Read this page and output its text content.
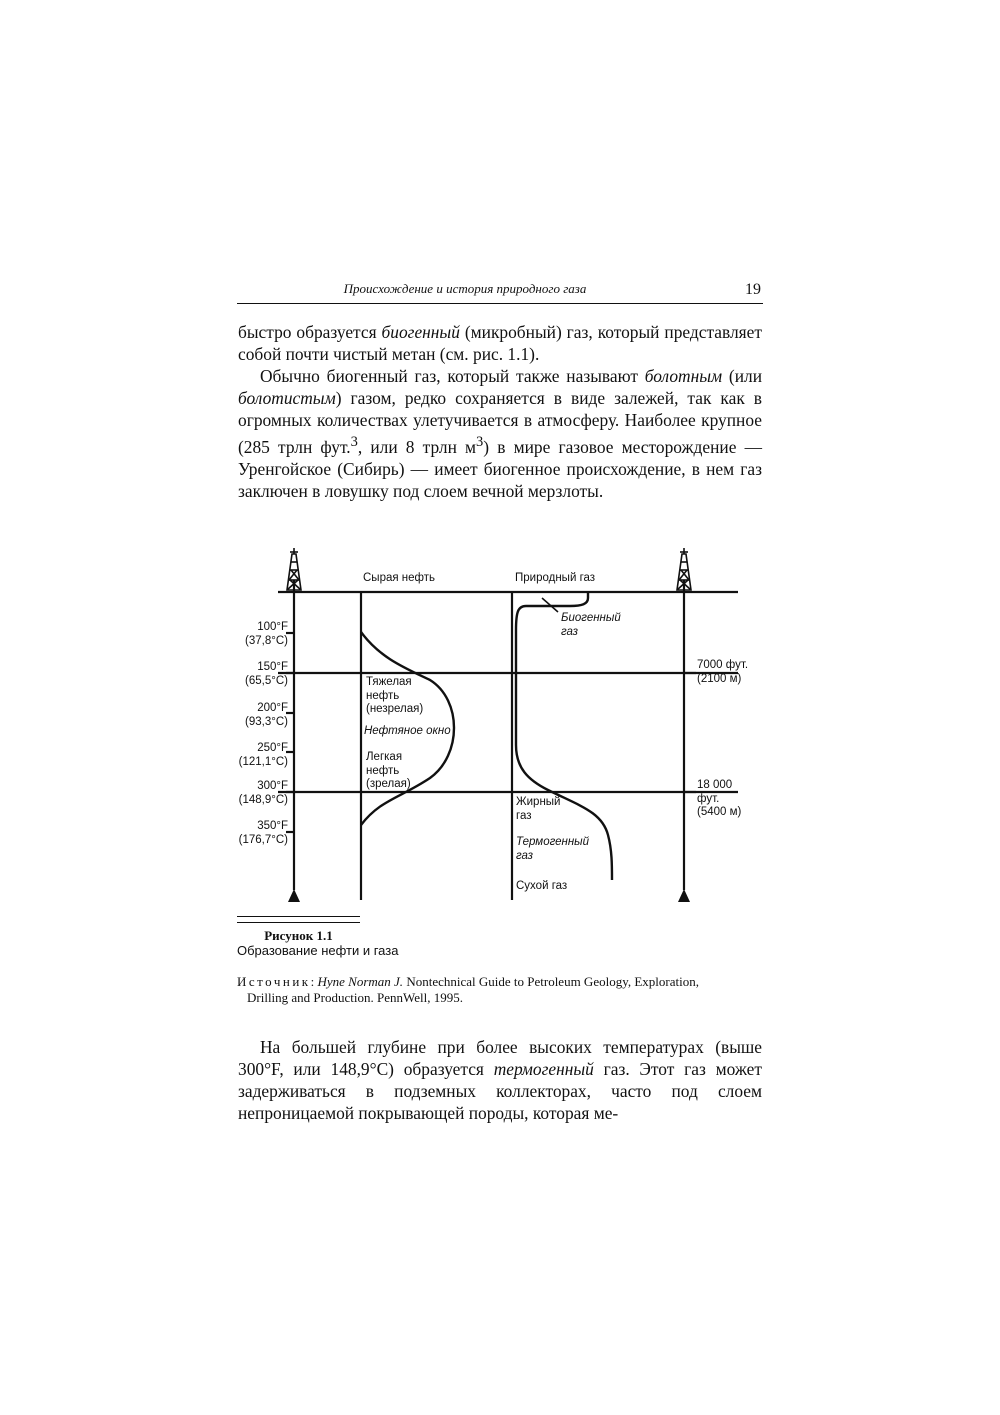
Происхождение и история природного газа	19

быстро образуется биогенный (микробный) газ, который представляет собой почти чистый метан (см. рис. 1.1).

Обычно биогенный газ, который также называют болотным (или болотистым) газом, редко сохраняется в виде залежей, так как в огромных количествах улетучивается в атмосферу. Наиболее крупное (285 трлн фут.$^3$, или 8 трлн $м^3$) в мире газовое месторождение — Уренгойское (Сибирь) — имеет биогенное происхождение, в нем газ заключен в ловушку под слоем вечной мерзлоты.

Сырая нефть	Природный газ
100°F
(37,8°C)
150°F
(65,5°C)
200°F
(93,3°C)
250°F
(121,1°C)
300°F
(148,9°C)
350°F
(176,7°C)
7000 фут.
(2100 м)
18 000 фут.
(5400 м)
Тяжелая
нефть
(незрелая)
Нефтяное окно
Легкая
нефть
(зрелая)
Биогенный
газ
Жирный
газ
Термогенный
газ
Сухой газ
Рисунок 1.1
Образование нефти и газа
Источник: Hyne Norman J. Nontechnical Guide to Petroleum Geology, Exploration,
Drilling and Production. PennWell, 1995.

На большей глубине при более высоких температурах (выше 300°F, или 148,9°C) образуется термогенный газ. Этот газ может задерживаться в подземных коллекторах, часто под слоем непроницаемой покрывающей породы, которая ме-
